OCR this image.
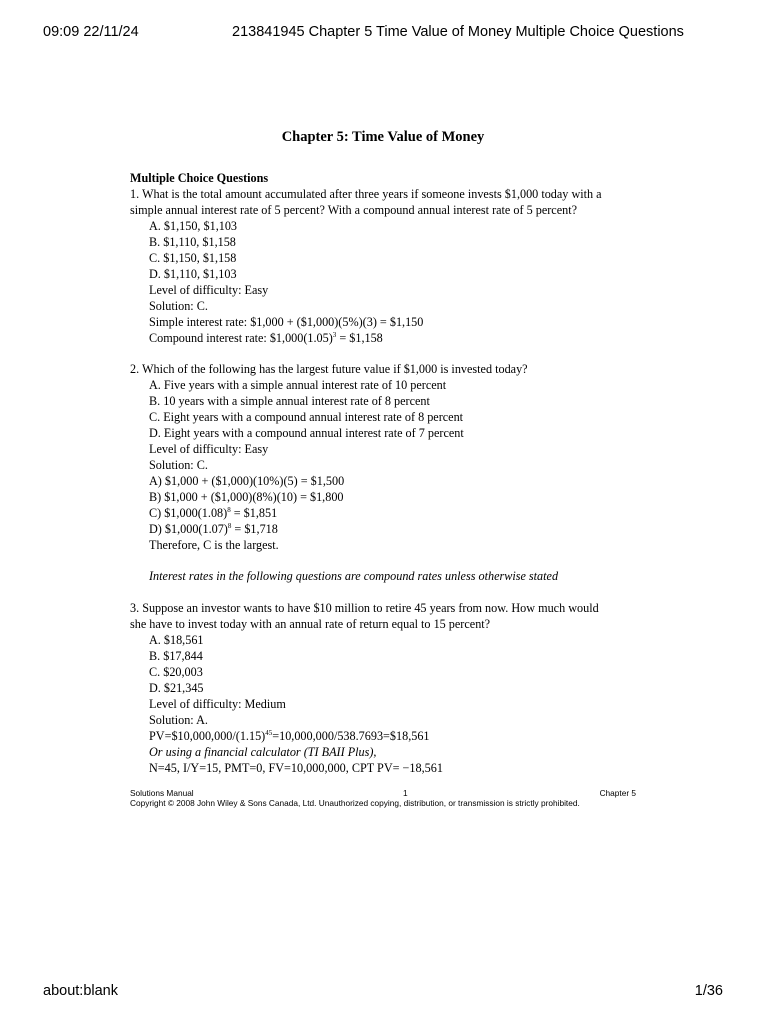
09:09 22/11/24	213841945 Chapter 5 Time Value of Money Multiple Choice Questions
Chapter 5: Time Value of Money
Multiple Choice Questions
1. What is the total amount accumulated after three years if someone invests $1,000 today with a
simple annual interest rate of 5 percent? With a compound annual interest rate of 5 percent?
A. $1,150, $1,103
B. $1,110, $1,158
C. $1,150, $1,158
D. $1,110, $1,103
Level of difficulty: Easy
Solution: C.
Simple interest rate: $1,000 + ($1,000)(5%)(3) = $1,150
Compound interest rate: $\$1,000(1.05)^3$ = $1,158
2. Which of the following has the largest future value if $1,000 is invested today?
A. Five years with a simple annual interest rate of 10 percent
B. 10 years with a simple annual interest rate of 8 percent
C. Eight years with a compound annual interest rate of 8 percent
D. Eight years with a compound annual interest rate of 7 percent
Level of difficulty: Easy
Solution: C.
A) $1,000 + ($1,000)(10%)(5) = $1,500
B) $1,000 + ($1,000)(8%)(10) = $1,800
C) $\$1,000(1.08)^8$ = $1,851
D) $\$1,000(1.07)^8$ = $1,718
Therefore, C is the largest.
Interest rates in the following questions are compound rates unless otherwise stated
3. Suppose an investor wants to have $10 million to retire 45 years from now. How much would
she have to invest today with an annual rate of return equal to 15 percent?
A. $18,561
B. $17,844
C. $20,003
D. $21,345
Level of difficulty: Medium
Solution: A.
$PV=\$10,000,000/(1.15)^{45}=10,000,000/538.7693=\$18,561$
Or using a financial calculator (TI BAII Plus),
N=45, I/Y=15, PMT=0, FV=10,000,000, CPT PV= −18,561
Solutions Manual	1	Chapter 5
Copyright © 2008 John Wiley & Sons Canada, Ltd. Unauthorized copying, distribution, or transmission is strictly prohibited.
about:blank	1/36
